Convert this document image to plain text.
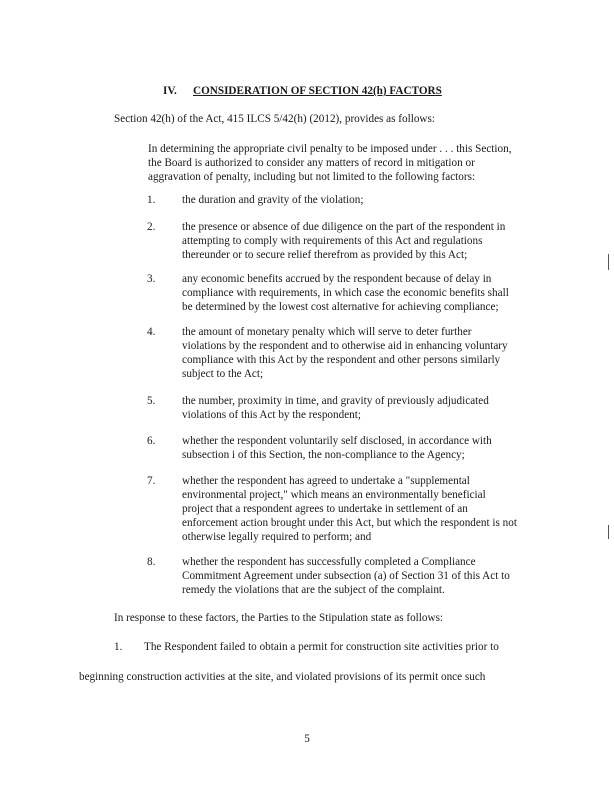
IV. CONSIDERATION OF SECTION 42(h) FACTORS
Section 42(h) of the Act, 415 ILCS 5/42(h) (2012), provides as follows:
In determining the appropriate civil penalty to be imposed under . . . this Section,
the Board is authorized to consider any matters of record in mitigation or
aggravation of penalty, including but not limited to the following factors:
1. the duration and gravity of the violation;
2. the presence or absence of due diligence on the part of the respondent in
attempting to comply with requirements of this Act and regulations
thereunder or to secure relief therefrom as provided by this Act;
3. any economic benefits accrued by the respondent because of delay in
compliance with requirements, in which case the economic benefits shall
be determined by the lowest cost alternative for achieving compliance;
4. the amount of monetary penalty which will serve to deter further
violations by the respondent and to otherwise aid in enhancing voluntary
compliance with this Act by the respondent and other persons similarly
subject to the Act;
5. the number, proximity in time, and gravity of previously adjudicated
violations of this Act by the respondent;
6. whether the respondent voluntarily self disclosed, in accordance with
subsection i of this Section, the non-compliance to the Agency;
7. whether the respondent has agreed to undertake a "supplemental
environmental project," which means an environmentally beneficial
project that a respondent agrees to undertake in settlement of an
enforcement action brought under this Act, but which the respondent is not
otherwise legally required to perform; and
8. whether the respondent has successfully completed a Compliance
Commitment Agreement under subsection (a) of Section 31 of this Act to
remedy the violations that are the subject of the complaint.
In response to these factors, the Parties to the Stipulation state as follows:
1. The Respondent failed to obtain a permit for construction site activities prior to
beginning construction activities at the site, and violated provisions of its permit once such
5
